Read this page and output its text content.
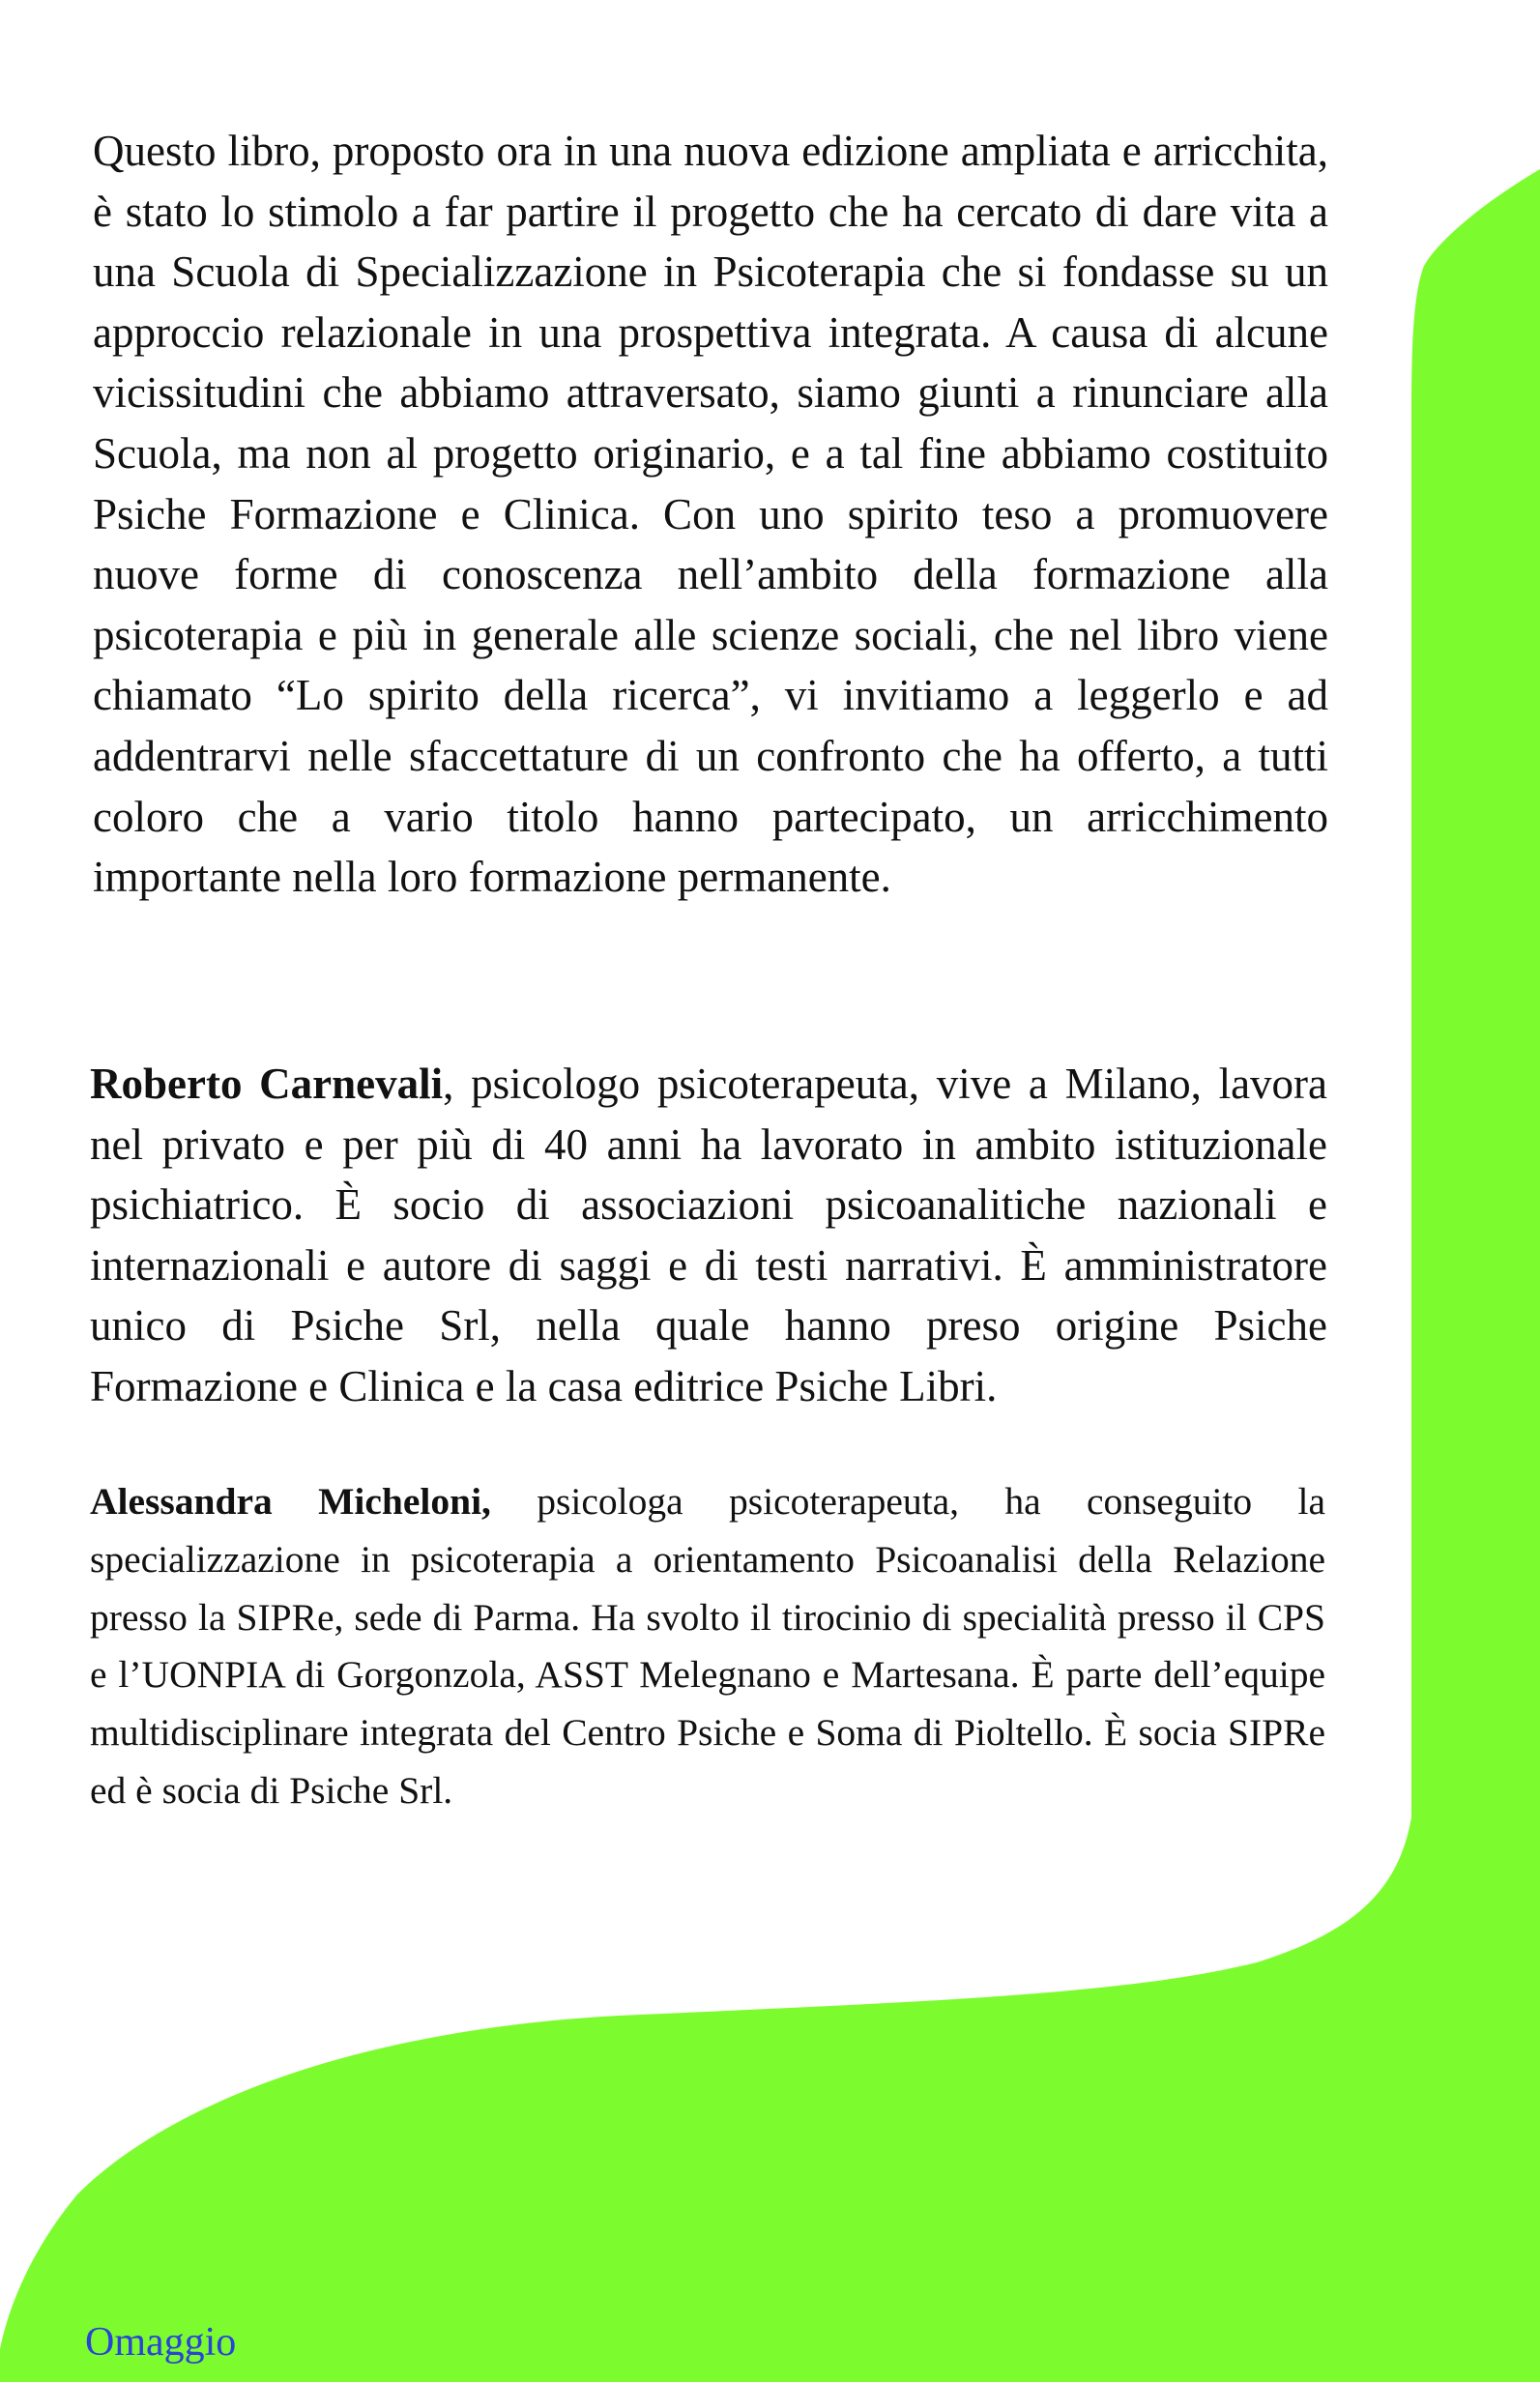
Questo libro, proposto ora in una nuova edizione ampliata e arricchita, è stato lo stimolo a far partire il progetto che ha cercato di dare vita a una Scuola di Specializzazione in Psicoterapia che si fondasse su un approccio relazionale in una prospettiva integrata. A causa di alcune vicissitudini che abbiamo attraversato, siamo giunti a rinunciare alla Scuola, ma non al progetto originario, e a tal fine abbiamo costituito Psiche Formazione e Clinica. Con uno spirito teso a promuovere nuove forme di conoscenza nell’ambito della formazione alla psicoterapia e più in generale alle scienze sociali, che nel libro viene chiamato “Lo spirito della ricerca”, vi invitiamo a leggerlo e ad addentrarvi nelle sfaccettature di un confronto che ha offerto, a tutti coloro che a vario titolo hanno partecipato, un arricchimento importante nella loro formazione permanente.

Roberto Carnevali, psicologo psicoterapeuta, vive a Milano, lavora nel privato e per più di 40 anni ha lavorato in ambito istituzionale psichiatrico. È socio di associazioni psicoanalitiche nazionali e internazionali e autore di saggi e di testi narrativi. È amministratore unico di Psiche Srl, nella quale hanno preso origine Psiche Formazione e Clinica e la casa editrice Psiche Libri.

Alessandra Micheloni, psicologa psicoterapeuta, ha conseguito la specializzazione in psicoterapia a orientamento Psicoanalisi della Relazione presso la SIPRe, sede di Parma. Ha svolto il tirocinio di specialità presso il CPS e l’UONPIA di Gorgonzola, ASST Melegnano e Martesana. È parte dell’equipe multidisciplinare integrata del Centro Psiche e Soma di Pioltello. È socia SIPRe ed è socia di Psiche Srl.

Omaggio
